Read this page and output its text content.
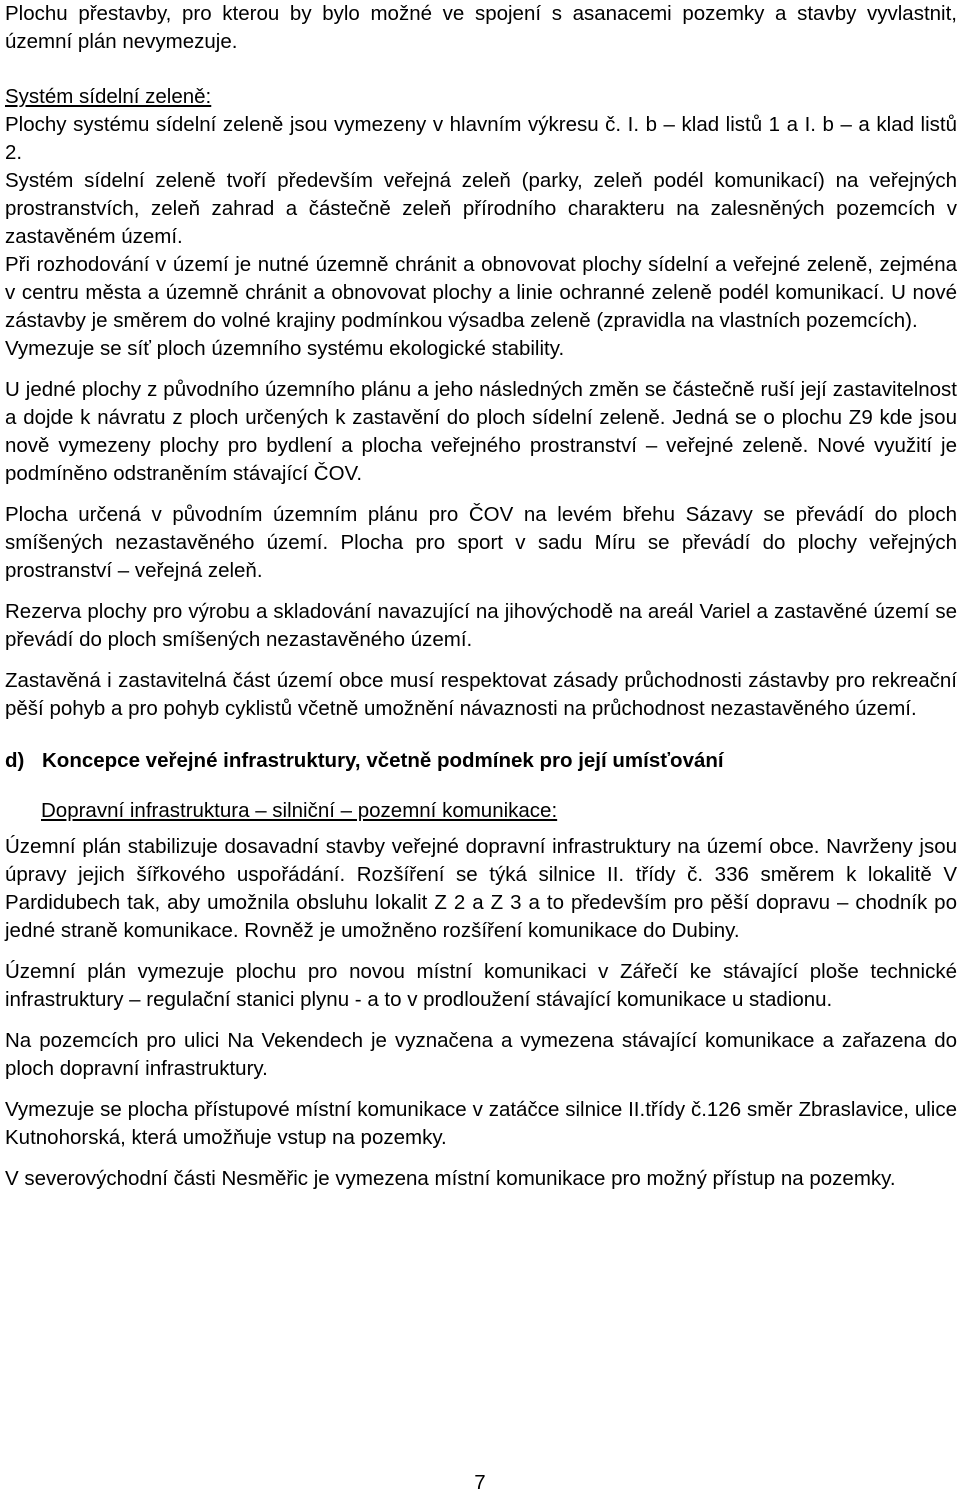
Plochu přestavby, pro kterou by bylo možné ve spojení s asanacemi pozemky a stavby vyvlastnit, územní plán nevymezuje.

Systém sídelní zeleně:

Plochy systému sídelní zeleně jsou vymezeny v hlavním výkresu č. I. b – klad listů 1 a I. b – a klad listů 2.

Systém sídelní zeleně tvoří především veřejná zeleň (parky, zeleň podél komunikací) na veřejných prostranstvích, zeleň zahrad a částečně zeleň přírodního charakteru na zalesněných pozemcích v zastavěném území.

Při rozhodování v území je nutné územně chránit a obnovovat plochy sídelní a veřejné zeleně, zejména v centru města a územně chránit a obnovovat plochy a linie ochranné zeleně podél komunikací. U nové zástavby je směrem do volné krajiny podmínkou výsadba zeleně (zpravidla na vlastních pozemcích).

Vymezuje se síť ploch územního systému ekologické stability.

U jedné plochy z původního územního plánu a jeho následných změn se částečně ruší její zastavitelnost a dojde k návratu z ploch určených k zastavění do ploch sídelní zeleně. Jedná se o plochu Z9 kde jsou nově vymezeny plochy pro bydlení a plocha veřejného prostranství – veřejné zeleně. Nové využití je podmíněno odstraněním stávající ČOV.

Plocha určená v původním územním plánu pro ČOV na levém břehu Sázavy se převádí do ploch smíšených nezastavěného území. Plocha pro sport v sadu Míru se převádí do plochy veřejných prostranství – veřejná zeleň.

Rezerva plochy pro výrobu a skladování navazující na jihovýchodě na areál Variel a zastavěné území se převádí do ploch smíšených nezastavěného území.

Zastavěná i zastavitelná část území obce musí respektovat zásady průchodnosti zástavby pro rekreační pěší pohyb a pro pohyb cyklistů včetně umožnění návaznosti na průchodnost nezastavěného území.

d) Koncepce veřejné infrastruktury, včetně podmínek pro její umísťování
Dopravní infrastruktura – silniční – pozemní komunikace:

Územní plán stabilizuje dosavadní stavby veřejné dopravní infrastruktury na území obce. Navrženy jsou úpravy jejich šířkového uspořádání. Rozšíření se týká silnice II. třídy č. 336 směrem k lokalitě V Pardidubech tak, aby umožnila obsluhu lokalit Z 2 a Z 3 a to především pro pěší dopravu – chodník po jedné straně komunikace. Rovněž je umožněno rozšíření komunikace do Dubiny.

Územní plán vymezuje plochu pro novou místní komunikaci v Zářečí ke stávající ploše technické infrastruktury – regulační stanici plynu - a to v prodloužení stávající komunikace u stadionu.

Na pozemcích pro ulici Na Vekendech je vyznačena a vymezena stávající komunikace a zařazena do ploch dopravní infrastruktury.

Vymezuje se plocha přístupové místní komunikace v zatáčce silnice II.třídy č.126 směr Zbraslavice, ulice Kutnohorská, která umožňuje vstup na pozemky.

V severovýchodní části Nesměřic je vymezena místní komunikace pro možný přístup na pozemky.

7
